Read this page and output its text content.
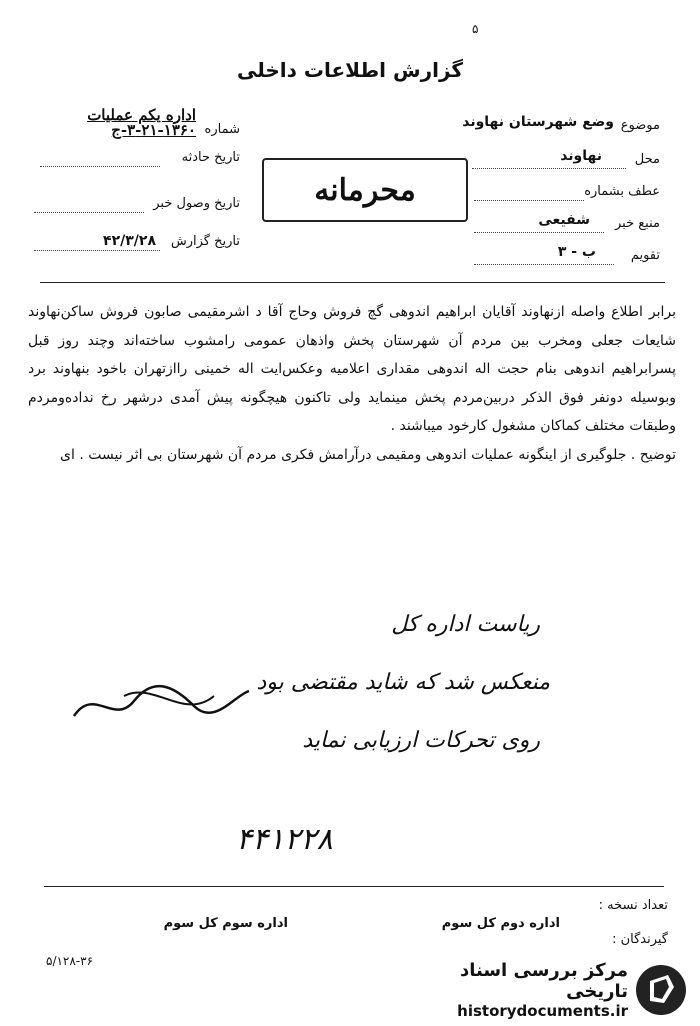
۵
گزارش اطلاعات داخلی
شماره
اداره یکم عملیات ۱۳۶۰-۲۱-۳-ج
تاریخ حادثه
تاریخ وصول خبر
تاریخ گزارش
۴۲/۳/۲۸
محرمانه
موضوع
وضع شهرستان نهاوند
محل
نهاوند
عطف بشماره
منبع خبر
شفیعی
تقویم
ب - ۳

برابر اطلاع واصله ازنهاوند آقایان ابراهیم اندوهی گچ فروش وحاج آقا د اشرمقیمی صابون فروش ساکن‌نهاوند شایعات جعلی ومخرب بین مردم آن شهرستان پخش واذهان عمومی رامشوب ساخته‌اند وچند روز قبل پسرابراهیم اندوهی بنام حجت اله اندوهی مقداری اعلامیه وعکس‌ایت اله خمینی راازتهران باخود بنهاوند برد وبوسیله دونفر فوق الذکر دربین‌مردم پخش مینماید ولی تاکنون هیچگونه پیش آمدی درشهر رخ نداده‌ومردم وطبقات مختلف کماکان مشغول کارخود میباشند .

توضیح . جلوگیری از اینگونه عملیات اندوهی ومقیمی درآرامش فکری مردم آن شهرستان بی اثر نیست . ای

ریاست اداره کل
منعکس شد که شاید مقتضی بود
روی تحرکات ارزیابی نماید
۴۴۱۲۲۸
تعداد نسخه :
گیرندگان :
اداره دوم کل سوم
اداره سوم کل سوم
۵/۱۲۸-۳۶	مرکز بررسی اسناد تاریخی
historydocuments.ir
